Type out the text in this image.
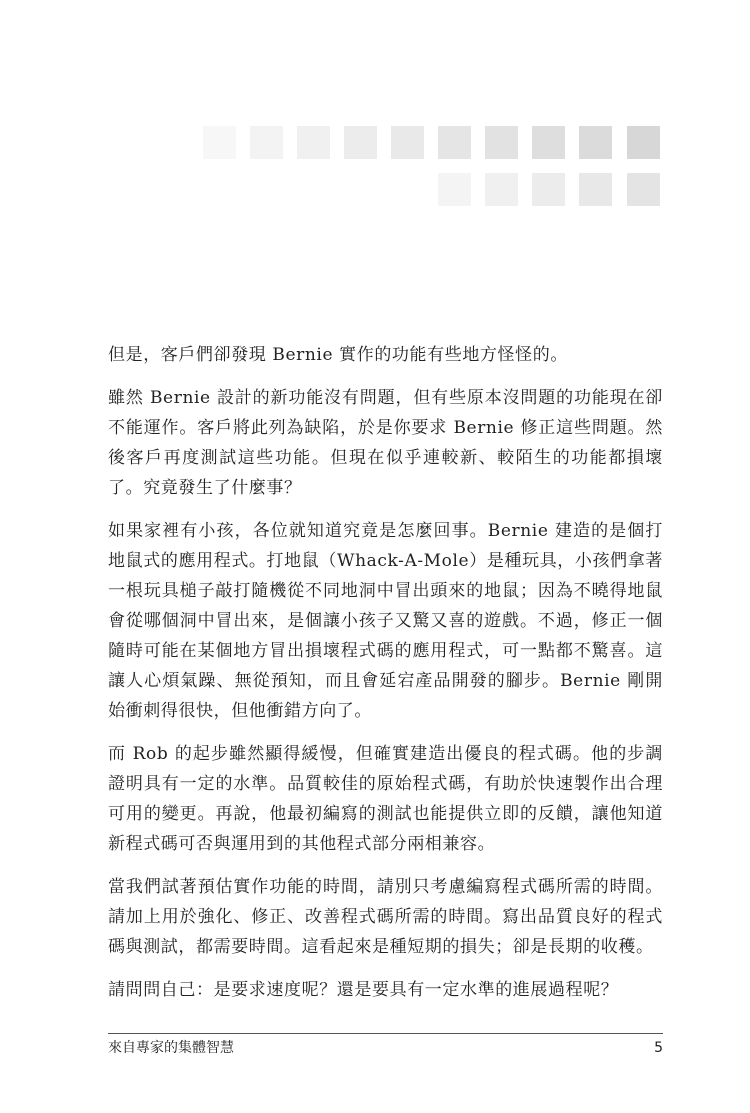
但是，客戶們卻發現 Bernie 實作的功能有些地方怪怪的。

雖然 Bernie 設計的新功能沒有問題，但有些原本沒問題的功能現在卻不能運作。客戶將此列為缺陷，於是你要求 Bernie 修正這些問題。然後客戶再度測試這些功能。但現在似乎連較新、較陌生的功能都損壞了。究竟發生了什麼事？

如果家裡有小孩，各位就知道究竟是怎麼回事。Bernie 建造的是個打地鼠式的應用程式。打地鼠（Whack-A-Mole）是種玩具，小孩們拿著一根玩具槌子敲打隨機從不同地洞中冒出頭來的地鼠；因為不曉得地鼠會從哪個洞中冒出來，是個讓小孩子又驚又喜的遊戲。不過，修正一個隨時可能在某個地方冒出損壞程式碼的應用程式，可一點都不驚喜。這讓人心煩氣躁、無從預知，而且會延宕產品開發的腳步。Bernie 剛開始衝刺得很快，但他衝錯方向了。

而 Rob 的起步雖然顯得緩慢，但確實建造出優良的程式碼。他的步調證明具有一定的水準。品質較佳的原始程式碼，有助於快速製作出合理可用的變更。再說，他最初編寫的測試也能提供立即的反饋，讓他知道新程式碼可否與運用到的其他程式部分兩相兼容。

當我們試著預估實作功能的時間，請別只考慮編寫程式碼所需的時間。請加上用於強化、修正、改善程式碼所需的時間。寫出品質良好的程式碼與測試，都需要時間。這看起來是種短期的損失；卻是長期的收穫。

請問問自己：是要求速度呢？還是要具有一定水準的進展過程呢？

來自專家的集體智慧	5
